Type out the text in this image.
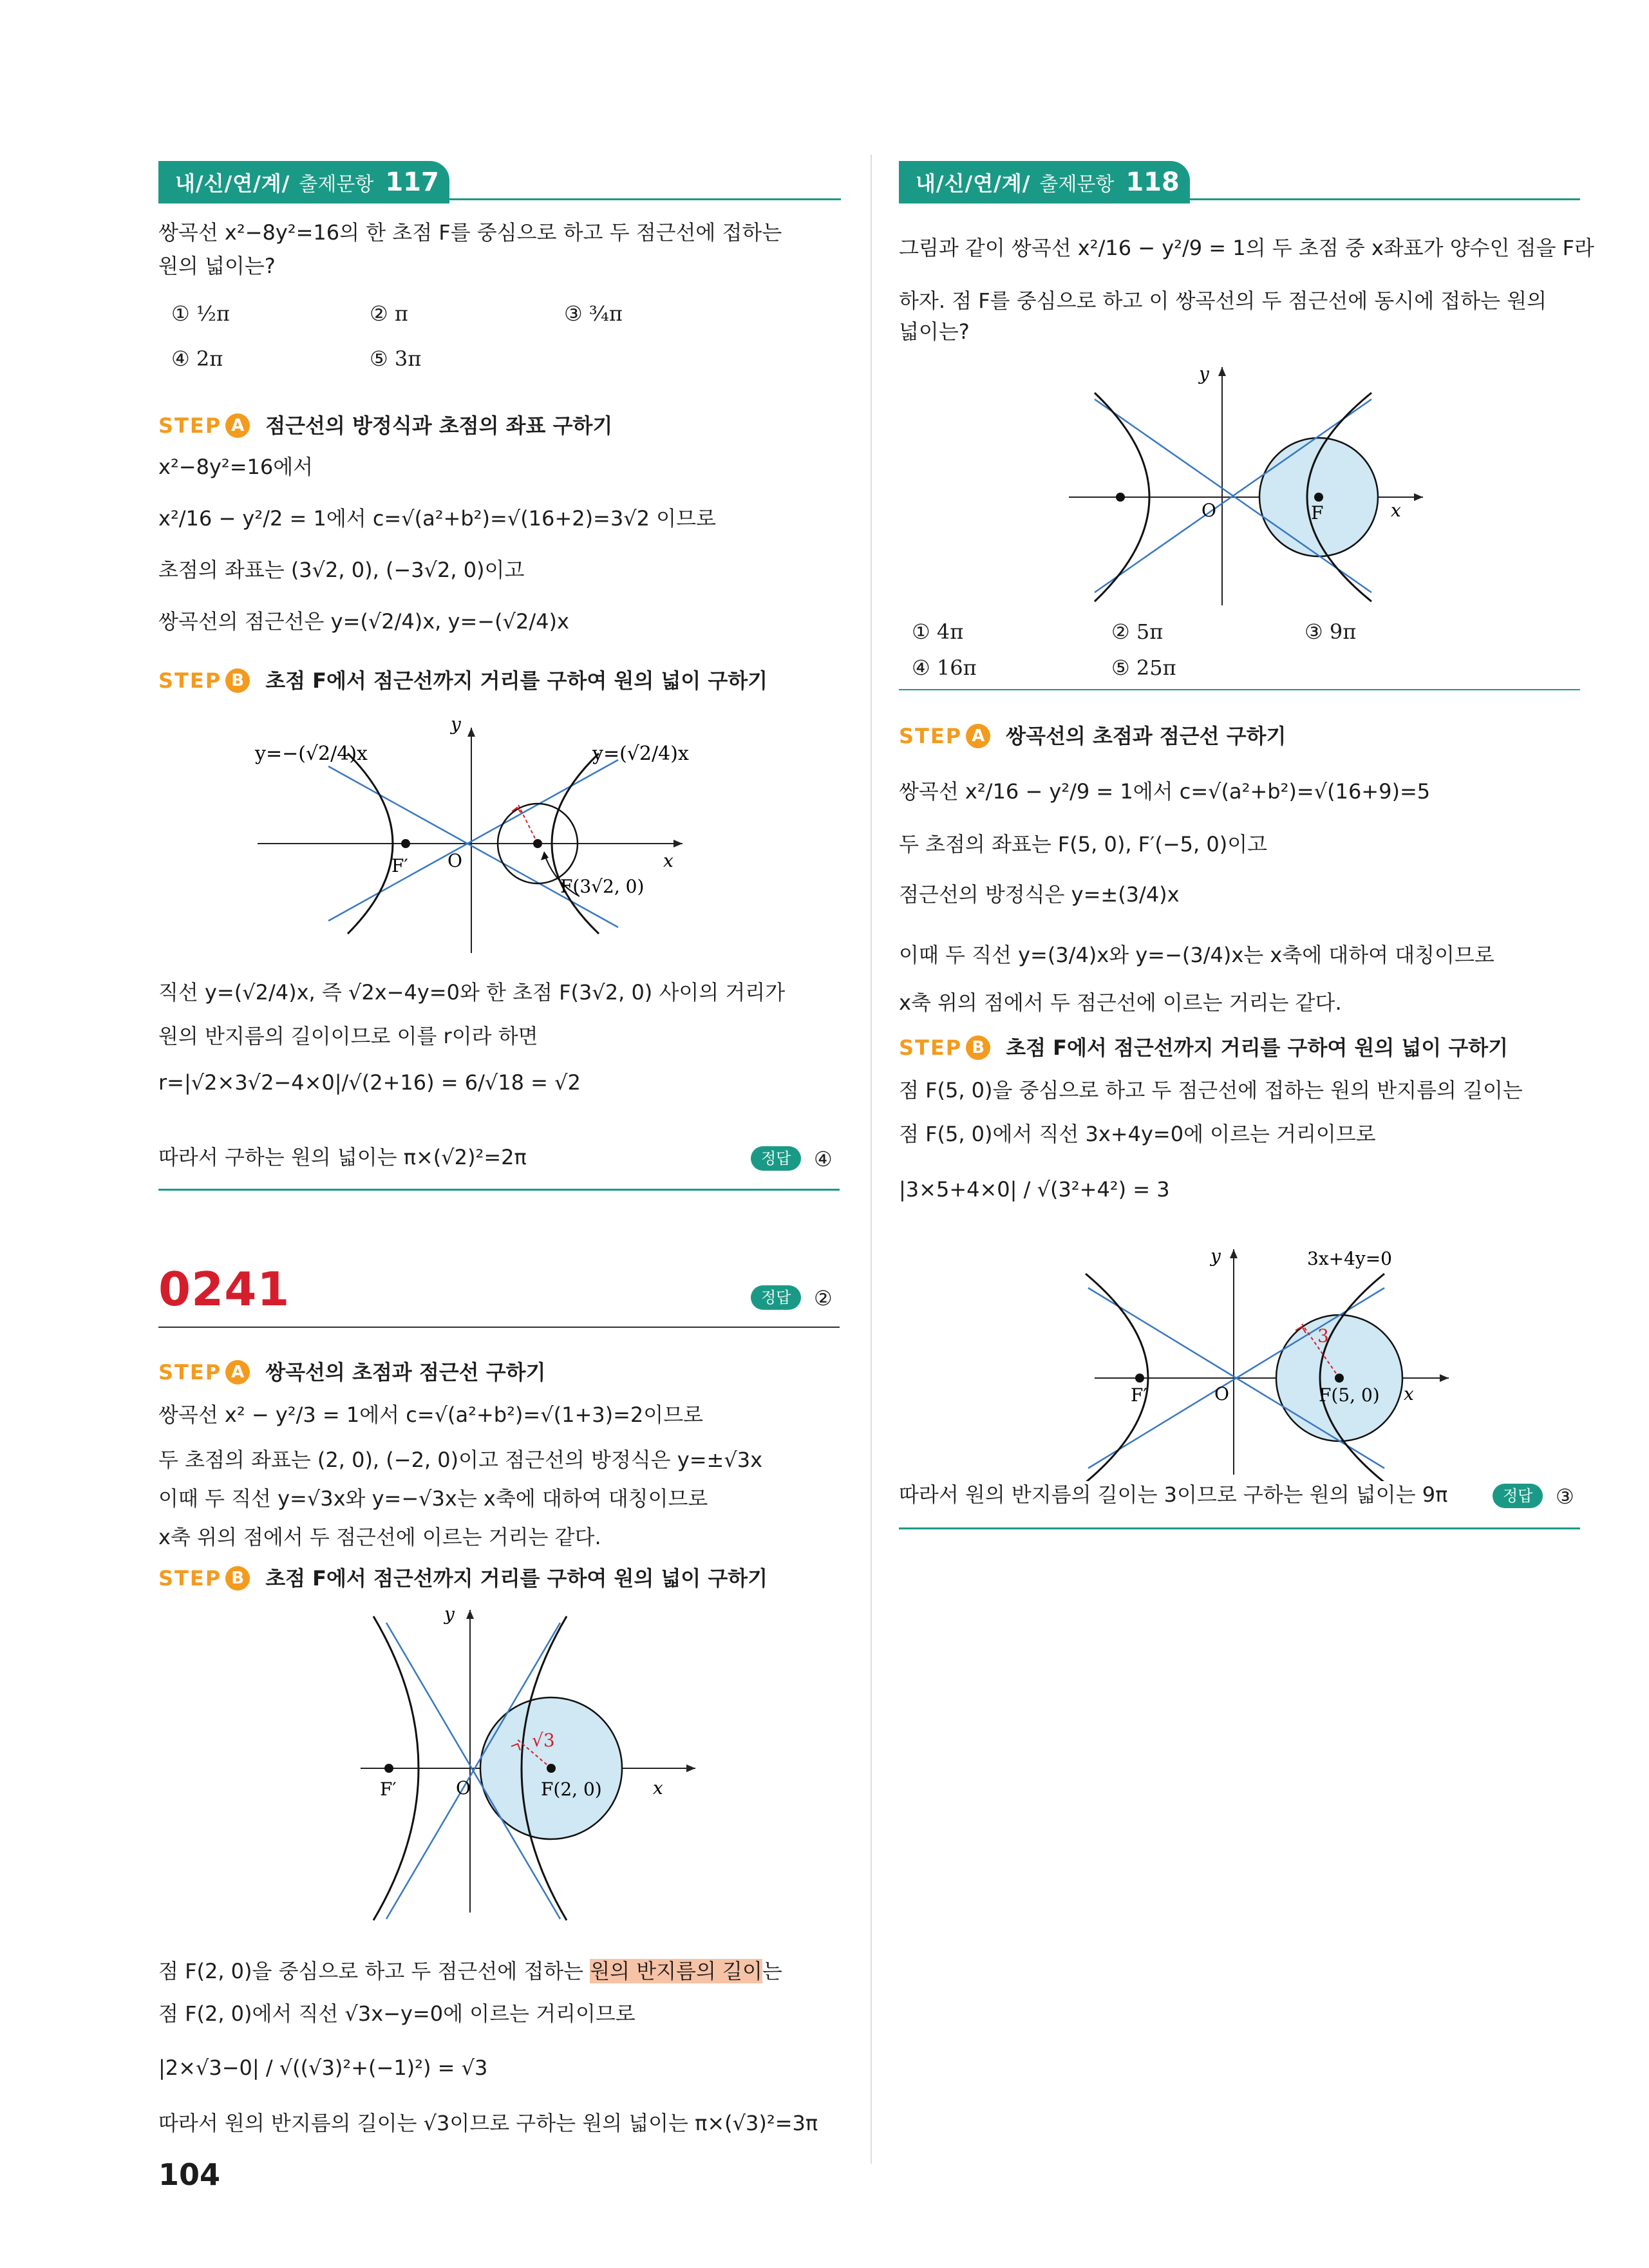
내/신/연/계/ 출제문항 117
쌍곡선 x²−8y²=16의 한 초점 F를 중심으로 하고 두 점근선에 접하는
원의 넓이는?
① ½π	② π	③ ¾π
④ 2π	⑤ 3π
STEP A 점근선의 방정식과 초점의 좌표 구하기
x²−8y²=16에서
x²/16 − y²/2 = 1에서 c=√(a²+b²)=√(16+2)=3√2 이므로
초점의 좌표는 (3√2, 0), (−3√2, 0)이고
쌍곡선의 점근선은 y=(√2/4)x, y=−(√2/4)x
STEP B 초점 F에서 점근선까지 거리를 구하여 원의 넓이 구하기
y=−(√2/4)x	y=(√2/4)x
y
x
O
F′
F(3√2, 0)
직선 y=(√2/4)x, 즉 √2x−4y=0와 한 초점 F(3√2, 0) 사이의 거리가
원의 반지름의 길이이므로 이를 r이라 하면
r=|√2×3√2−4×0|/√(2+16) = 6/√18 = √2
따라서 구하는 원의 넓이는 π×(√2)²=2π	정답	④
0241	정답	②
STEP A 쌍곡선의 초점과 점근선 구하기
쌍곡선 x² − y²/3 = 1에서 c=√(a²+b²)=√(1+3)=2이므로
두 초점의 좌표는 (2, 0), (−2, 0)이고 점근선의 방정식은 y=±√3x
이때 두 직선 y=√3x와 y=−√3x는 x축에 대하여 대칭이므로
x축 위의 점에서 두 점근선에 이르는 거리는 같다.
STEP B 초점 F에서 점근선까지 거리를 구하여 원의 넓이 구하기
y
x
O
F′	F(2, 0)
√3
점 F(2, 0)을 중심으로 하고 두 점근선에 접하는 원의 반지름의 길이는
점 F(2, 0)에서 직선 √3x−y=0에 이르는 거리이므로
|2×√3−0| / √((√3)²+(−1)²) = √3
따라서 원의 반지름의 길이는 √3이므로 구하는 원의 넓이는 π×(√3)²=3π
104
내/신/연/계/ 출제문항 118
그림과 같이 쌍곡선 x²/16 − y²/9 = 1의 두 초점 중 x좌표가 양수인 점을 F라
하자. 점 F를 중심으로 하고 이 쌍곡선의 두 점근선에 동시에 접하는 원의
넓이는?
y
x
O	F
① 4π	② 5π	③ 9π
④ 16π	⑤ 25π
STEP A 쌍곡선의 초점과 점근선 구하기
쌍곡선 x²/16 − y²/9 = 1에서 c=√(a²+b²)=√(16+9)=5
두 초점의 좌표는 F(5, 0), F′(−5, 0)이고
점근선의 방정식은 y=±(3/4)x
이때 두 직선 y=(3/4)x와 y=−(3/4)x는 x축에 대하여 대칭이므로
x축 위의 점에서 두 점근선에 이르는 거리는 같다.
STEP B 초점 F에서 점근선까지 거리를 구하여 원의 넓이 구하기
점 F(5, 0)을 중심으로 하고 두 점근선에 접하는 원의 반지름의 길이는
점 F(5, 0)에서 직선 3x+4y=0에 이르는 거리이므로
|3×5+4×0| / √(3²+4²) = 3
y
x
O
F′	F(5, 0)
3x+4y=0
3
따라서 원의 반지름의 길이는 3이므로 구하는 원의 넓이는 9π	정답	③
